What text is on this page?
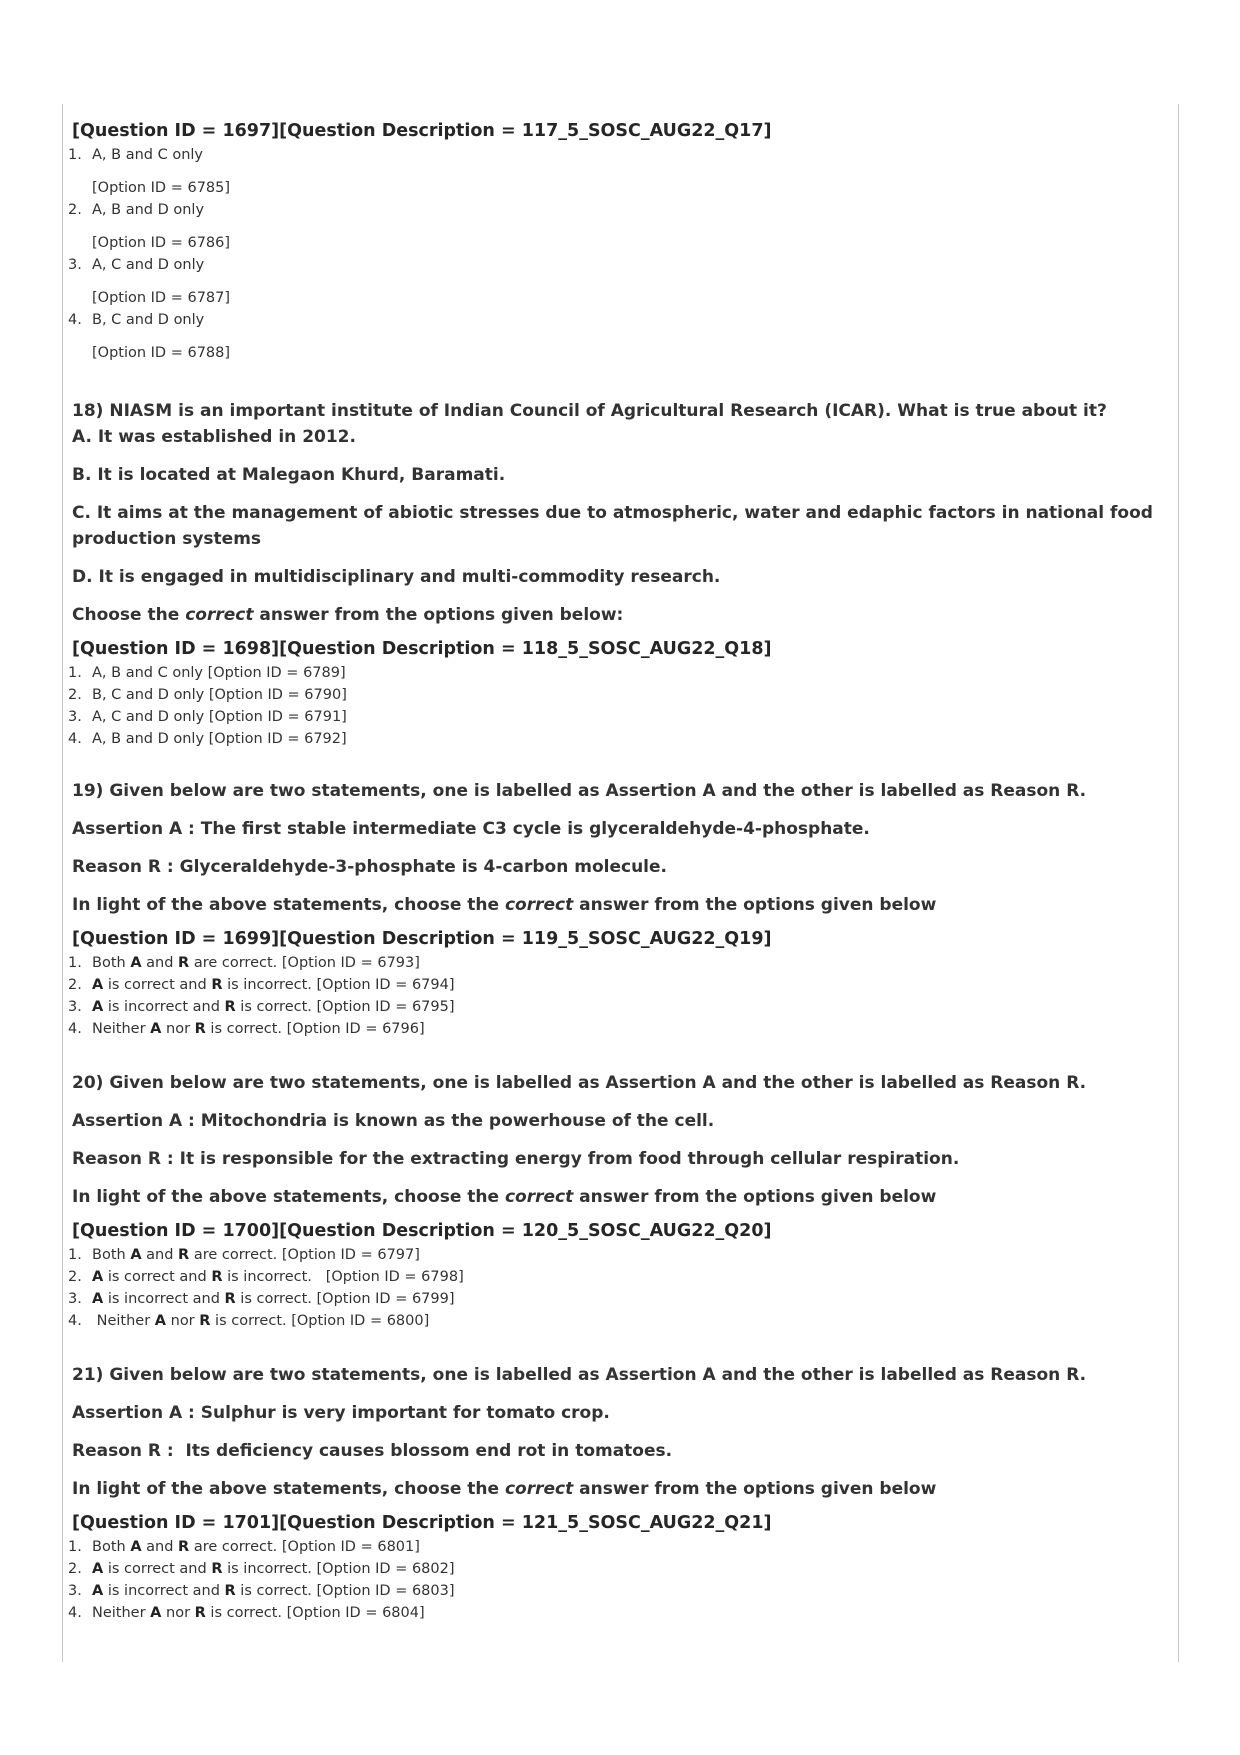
[Question ID = 1697][Question Description = 117_5_SOSC_AUG22_Q17]

1. A, B and C only
[Option ID = 6785]
2. A, B and D only
[Option ID = 6786]
3. A, C and D only
[Option ID = 6787]
4. B, C and D only
[Option ID = 6788]

18) NIASM is an important institute of Indian Council of Agricultural Research (ICAR). What is true about it?

A. It was established in 2012.

B. It is located at Malegaon Khurd, Baramati.

C. It aims at the management of abiotic stresses due to atmospheric, water and edaphic factors in national food production systems

D. It is engaged in multidisciplinary and multi-commodity research.

Choose the correct answer from the options given below:

[Question ID = 1698][Question Description = 118_5_SOSC_AUG22_Q18]

1. A, B and C only [Option ID = 6789]
2. B, C and D only [Option ID = 6790]
3. A, C and D only [Option ID = 6791]
4. A, B and D only [Option ID = 6792]

19) Given below are two statements, one is labelled as Assertion A and the other is labelled as Reason R.

Assertion A : The first stable intermediate C3 cycle is glyceraldehyde-4-phosphate.

Reason R : Glyceraldehyde-3-phosphate is 4-carbon molecule.

In light of the above statements, choose the correct answer from the options given below

[Question ID = 1699][Question Description = 119_5_SOSC_AUG22_Q19]

1. Both A and R are correct. [Option ID = 6793]
2. A is correct and R is incorrect. [Option ID = 6794]
3. A is incorrect and R is correct. [Option ID = 6795]
4. Neither A nor R is correct. [Option ID = 6796]

20) Given below are two statements, one is labelled as Assertion A and the other is labelled as Reason R.

Assertion A : Mitochondria is known as the powerhouse of the cell.

Reason R : It is responsible for the extracting energy from food through cellular respiration.

In light of the above statements, choose the correct answer from the options given below

[Question ID = 1700][Question Description = 120_5_SOSC_AUG22_Q20]

1. Both A and R are correct. [Option ID = 6797]
2. A is correct and R is incorrect.   [Option ID = 6798]
3. A is incorrect and R is correct. [Option ID = 6799]
4. Neither A nor R is correct. [Option ID = 6800]

21) Given below are two statements, one is labelled as Assertion A and the other is labelled as Reason R.

Assertion A : Sulphur is very important for tomato crop.

Reason R :  Its deficiency causes blossom end rot in tomatoes.

In light of the above statements, choose the correct answer from the options given below

[Question ID = 1701][Question Description = 121_5_SOSC_AUG22_Q21]

1. Both A and R are correct. [Option ID = 6801]
2. A is correct and R is incorrect. [Option ID = 6802]
3. A is incorrect and R is correct. [Option ID = 6803]
4. Neither A nor R is correct. [Option ID = 6804]
